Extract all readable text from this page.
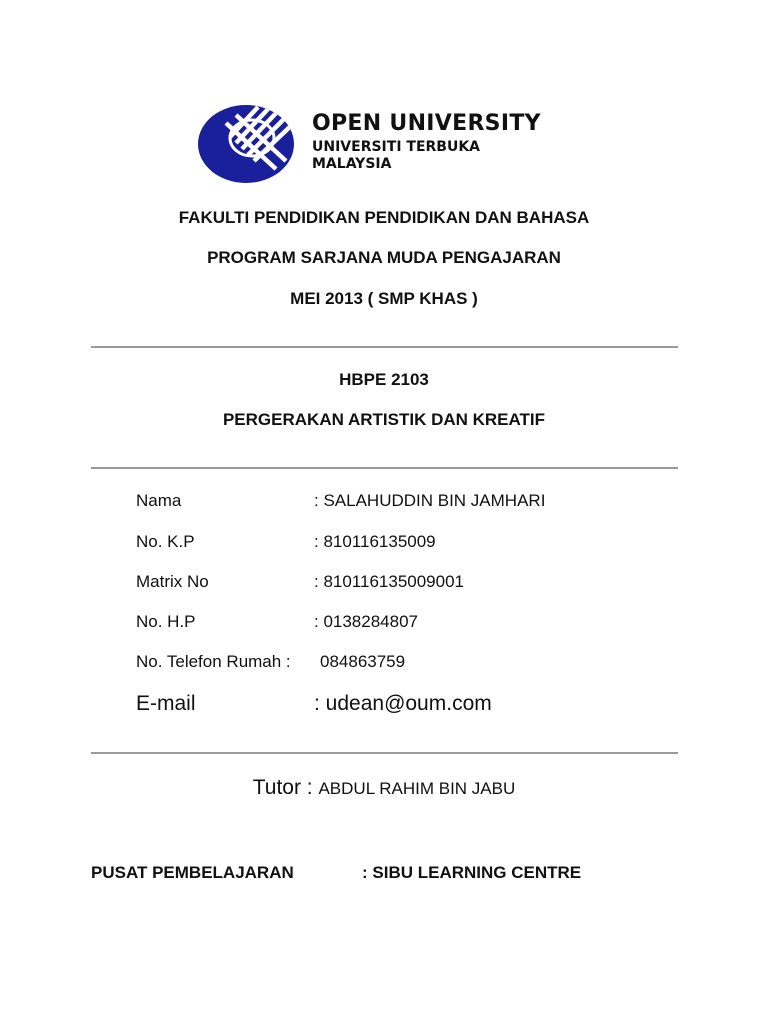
OPEN UNIVERSITY
UNIVERSITI TERBUKA
MALAYSIA
FAKULTI PENDIDIKAN PENDIDIKAN DAN BAHASA
PROGRAM SARJANA MUDA PENGAJARAN
MEI 2013 ( SMP KHAS )
HBPE 2103
PERGERAKAN ARTISTIK DAN KREATIF
Nama	: SALAHUDDIN BIN JAMHARI
No. K.P	: 810116135009
Matrix No	: 810116135009001
No. H.P	: 0138284807
No. Telefon Rumah : 084863759
E-mail	: udean@oum.com
Tutor : ABDUL RAHIM BIN JABU
PUSAT PEMBELAJARAN	: SIBU LEARNING CENTRE
